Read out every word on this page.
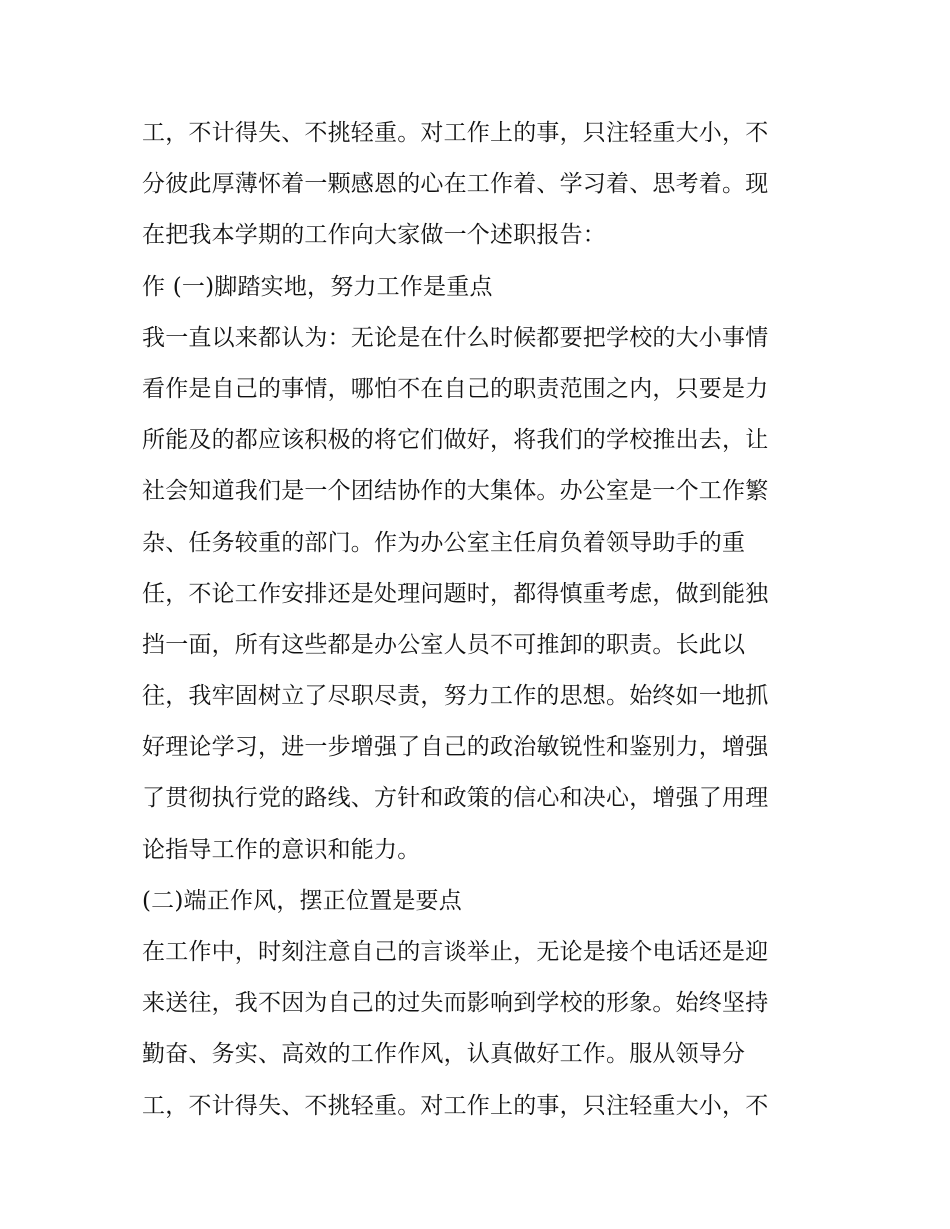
工，不计得失、不挑轻重。对工作上的事，只注轻重大小，不
分彼此厚薄怀着一颗感恩的心在工作着、学习着、思考着。现
在把我本学期的工作向大家做一个述职报告：
作 (一)脚踏实地，努力工作是重点
我一直以来都认为：无论是在什么时候都要把学校的大小事情
看作是自己的事情，哪怕不在自己的职责范围之内，只要是力
所能及的都应该积极的将它们做好，将我们的学校推出去，让
社会知道我们是一个团结协作的大集体。办公室是一个工作繁
杂、任务较重的部门。作为办公室主任肩负着领导助手的重
任，不论工作安排还是处理问题时，都得慎重考虑，做到能独
挡一面，所有这些都是办公室人员不可推卸的职责。长此以
往，我牢固树立了尽职尽责，努力工作的思想。始终如一地抓
好理论学习，进一步增强了自己的政治敏锐性和鉴别力，增强
了贯彻执行党的路线、方针和政策的信心和决心，增强了用理
论指导工作的意识和能力。
(二)端正作风，摆正位置是要点
在工作中，时刻注意自己的言谈举止，无论是接个电话还是迎
来送往，我不因为自己的过失而影响到学校的形象。始终坚持
勤奋、务实、高效的工作作风，认真做好工作。服从领导分
工，不计得失、不挑轻重。对工作上的事，只注轻重大小，不
